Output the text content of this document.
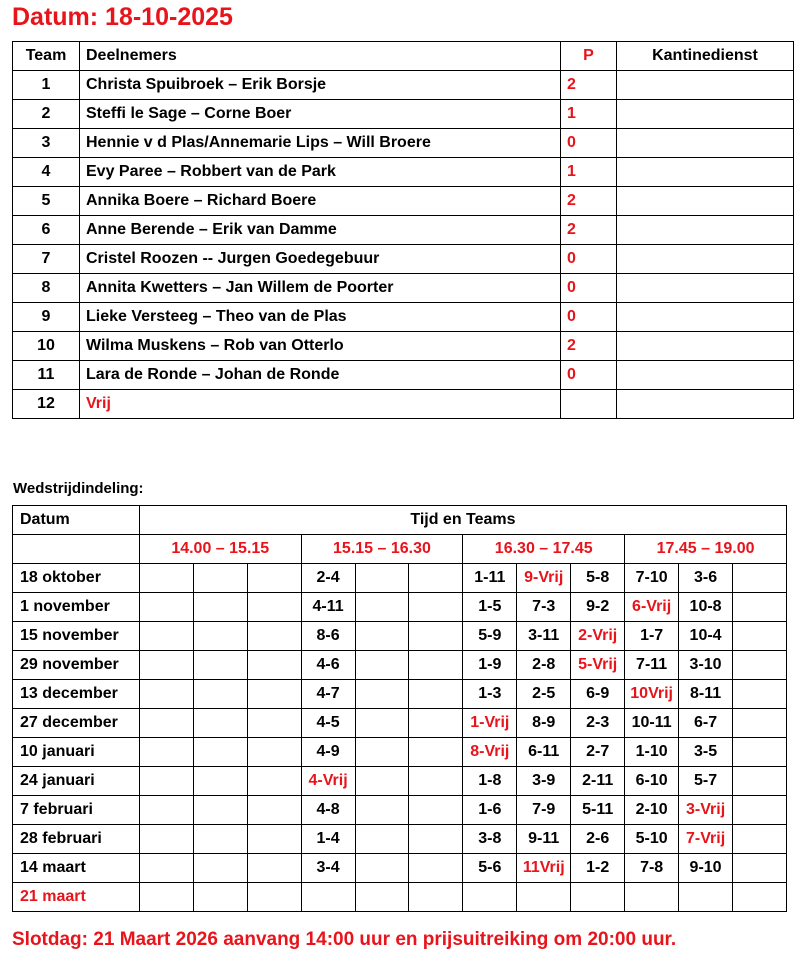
Datum: 18-10-2025
Team	Deelnemers	P	Kantinedienst
1	Christa Spuibroek – Erik Borsje	2	
2	Steffi le Sage – Corne Boer	1	
3	Hennie v d Plas/Annemarie Lips – Will Broere	0	
4	Evy Paree – Robbert van de Park	1	
5	Annika Boere – Richard Boere	2	
6	Anne Berende – Erik van Damme	2	
7	Cristel Roozen -- Jurgen Goedegebuur	0	
8	Annita Kwetters – Jan Willem de Poorter	0	
9	Lieke Versteeg – Theo van de Plas	0	
10	Wilma Muskens – Rob van Otterlo	2	
11	Lara de Ronde – Johan de Ronde	0	
12	Vrij		

Wedstrijdindeling:

Datum	Tijd en Teams											
	14.00 – 15.15			15.15 – 16.30			16.30 – 17.45			17.45 – 19.00		
18 oktober				2-4			1-11	9-Vrij	5-8	7-10	3-6	
1 november				4-11			1-5	7-3	9-2	6-Vrij	10-8	
15 november				8-6			5-9	3-11	2-Vrij	1-7	10-4	
29 november				4-6			1-9	2-8	5-Vrij	7-11	3-10	
13 december				4-7			1-3	2-5	6-9	10Vrij	8-11	
27 december				4-5			1-Vrij	8-9	2-3	10-11	6-7	
10 januari				4-9			8-Vrij	6-11	2-7	1-10	3-5	
24 januari				4-Vrij			1-8	3-9	2-11	6-10	5-7	
7 februari				4-8			1-6	7-9	5-11	2-10	3-Vrij	
28 februari				1-4			3-8	9-11	2-6	5-10	7-Vrij	
14 maart				3-4			5-6	11Vrij	1-2	7-8	9-10	
21 maart												

Slotdag: 21 Maart 2026 aanvang 14:00 uur en prijsuitreiking om 20:00 uur.
